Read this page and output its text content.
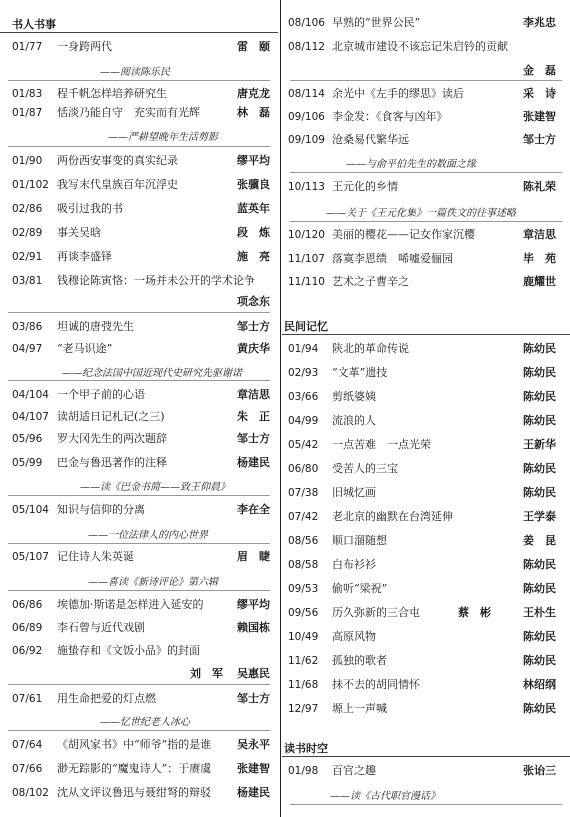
书人书事
01/77 一身跨两代	雷　颐
——阅读陈乐民
01/83 程千帆怎样培养研究生	唐克龙
01/87 恬淡乃能自守　充实而有光辉	林　磊
——严耕望晚年生活剪影
01/90 两份西安事变的真实纪录	缪平均
01/102 我写末代皇族百年沉浮史	张骥良
02/86 吸引过我的书	蓝英年
02/89 事关吴晗	段　炼
02/91 再谈李盛铎	施　亮
03/81 钱穆论陈寅恪：一场并未公开的学术论争
项念东
03/86 坦诚的唐弢先生	邹士方
04/97 “老马识途”	黄庆华
——纪念法国中国近现代史研究先驱谢诺
04/104 一个甲子前的心语	章洁思
04/107 读胡适日记札记(之三)	朱　正
05/96 罗大冈先生的两次题辞	邹士方
05/99 巴金与鲁迅著作的注释	杨建民
——读《巴金书简——致王仰晨》
05/104 知识与信仰的分离	李在全
——一位法律人的内心世界
05/107 记住诗人朱英诞	眉　睫
——喜读《新诗评论》第六辑
06/86 埃德加·斯诺是怎样进入延安的	缪平均
06/89 李石曾与近代戏剧	赖国栋
06/92 施蛰存和《文饭小品》的封面
刘　军 吴惠民
07/61 用生命把爱的灯点燃	邹士方
——忆世纪老人冰心
07/64 《胡风家书》中“师爷”指的是谁 吴永平
07/66 渺无踪影的“魔鬼诗人”：于赓虞 张建智
08/102 沈从文评议鲁迅与聂绀弩的辩驳 杨建民
08/106 早熟的“世界公民”	李兆忠
08/112 北京城市建设不该忘记朱启钤的贡献
金　磊
08/114 余光中《左手的缪思》读后	采　诗
09/106 李金发：《食客与凶年》	张建智
09/109 沧桑易代繁华远	邹士方
——与俞平伯先生的数面之缘
10/113 王元化的乡情	陈礼荣
——关于《王元化集》一篇佚文的往事述略
10/120 美丽的樱花——记女作家沉樱	章洁思
11/107 落寞李恩绩　唏嘘爱俪园	毕　苑
11/110 艺术之子曹辛之	鹿耀世
民间记忆
01/94 陕北的革命传说	陈幼民
02/93 “文革”遗技	陈幼民
03/66 剪纸婆姨	陈幼民
04/99 流浪的人	陈幼民
05/42 一点苦难　一点光荣	王新华
06/80 受苦人的三宝	陈幼民
07/38 旧城忆画	陈幼民
07/42 老北京的幽默在台湾延伸	王学泰
08/56 顺口溜随想	姜　昆
08/58 白布衫衫	陈幼民
09/53 偷听“梁祝”	陈幼民
09/56 历久弥新的三合屯	蔡　彬	王朴生
10/49 高原风物	陈幼民
11/62 孤独的歌者	陈幼民
11/68 抹不去的胡同情怀	林绍纲
12/97 塬上一声喊	陈幼民
读书时空
01/98 百官之趣	张诒三
——读《古代职官漫话》
